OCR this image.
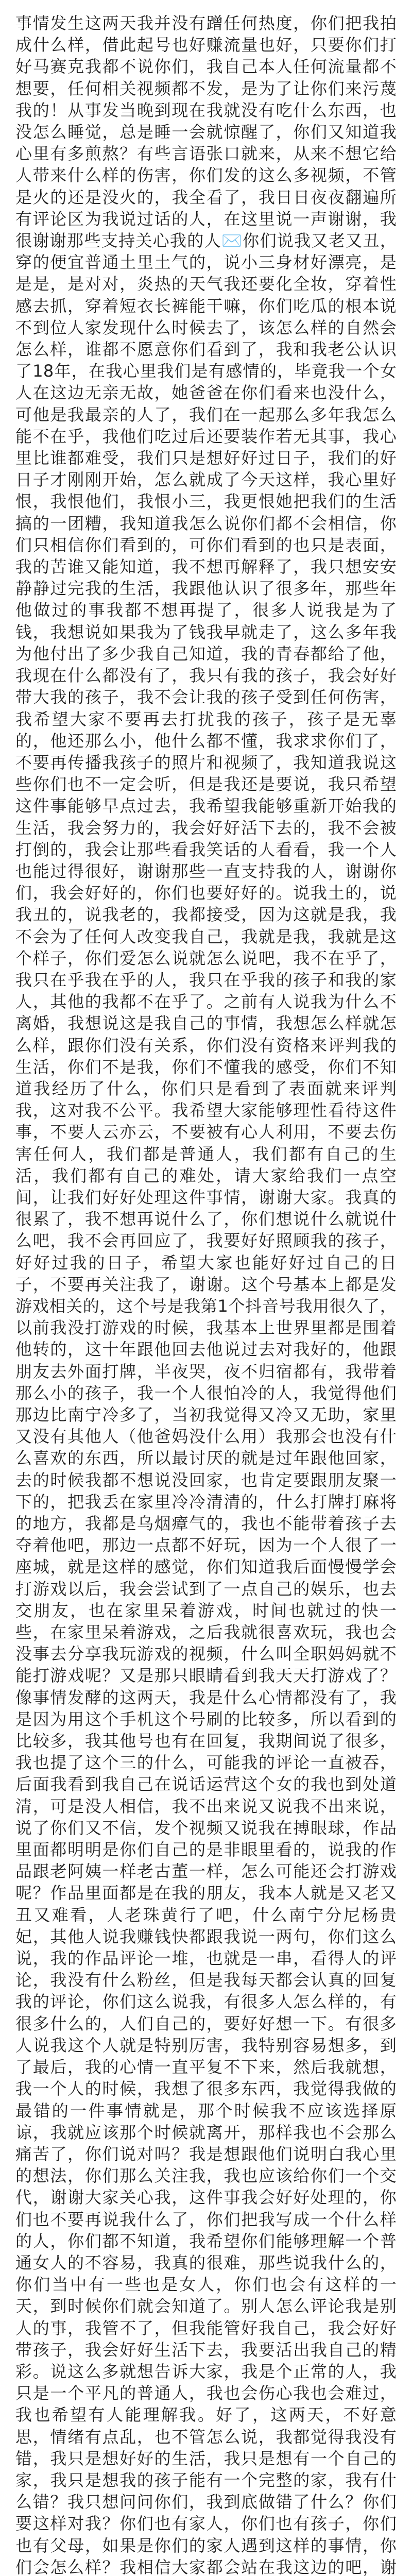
事情发生这两天我并没有蹭任何热度，你们把我拍成什么样，借此起号也好赚流量也好，只要你们打好马赛克我都不说你们，我自己本人任何流量都不想要，任何相关视频都不发，是为了让你们来污蔑我的！从事发当晚到现在我就没有吃什么东西，也没怎么睡觉，总是睡一会就惊醒了，你们又知道我心里有多煎熬？有些言语张口就来，从来不想它给人带来什么样的伤害，你们发的这么多视频，不管是火的还是没火的，我全看了，我日日夜夜翻遍所有评论区为我说过话的人，在这里说一声谢谢，我很谢谢那些支持关心我的人✉️你们说我又老又丑，穿的便宜普通土里土气的，说小三身材好漂亮，是是是，是对对，炎热的天气我还要化全妆，穿着性感去抓，穿着短衣长裤能干嘛，你们吃瓜的根本说不到位人家发现什么时候去了，该怎么样的自然会怎么样，谁都不愿意你们看到了，我和我老公认识了18年，在我心里我们是有感情的，毕竟我一个女人在这边无亲无故，她爸爸在你们看来也没什么，可他是我最亲的人了，我们在一起那么多年我怎么能不在乎，我他们吃过后还要装作若无其事，我心里比谁都难受，我们只是想好好过日子，我们的好日子才刚刚开始，怎么就成了今天这样，我心里好恨，我恨他们，我恨小三，我更恨她把我们的生活搞的一团糟，我知道我怎么说你们都不会相信，你们只相信你们看到的，可你们看到的也只是表面，我的苦谁又能知道，我不想再解释了，我只想安安静静过完我的生活，我跟他认识了很多年，那些年他做过的事我都不想再提了，很多人说我是为了钱，我想说如果我为了钱我早就走了，这么多年我为他付出了多少我自己知道，我的青春都给了他，我现在什么都没有了，我只有我的孩子，我会好好带大我的孩子，我不会让我的孩子受到任何伤害，我希望大家不要再去打扰我的孩子，孩子是无辜的，他还那么小，他什么都不懂，我求求你们了，不要再传播我孩子的照片和视频了，我知道我说这些你们也不一定会听，但是我还是要说，我只希望这件事能够早点过去，我希望我能够重新开始我的生活，我会努力的，我会好好活下去的，我不会被打倒的，我会让那些看我笑话的人看看，我一个人也能过得很好，谢谢那些一直支持我的人，谢谢你们，我会好好的，你们也要好好的。说我土的，说我丑的，说我老的，我都接受，因为这就是我，我不会为了任何人改变我自己，我就是我，我就是这个样子，你们爱怎么说就怎么说吧，我不在乎了，我只在乎我在乎的人，我只在乎我的孩子和我的家人，其他的我都不在乎了。之前有人说我为什么不离婚，我想说这是我自己的事情，我想怎么样就怎么样，跟你们没有关系，你们没有资格来评判我的生活，你们不是我，你们不懂我的感受，你们不知道我经历了什么，你们只是看到了表面就来评判我，这对我不公平。我希望大家能够理性看待这件事，不要人云亦云，不要被有心人利用，不要去伤害任何人，我们都是普通人，我们都有自己的生活，我们都有自己的难处，请大家给我们一点空间，让我们好好处理这件事情，谢谢大家。我真的很累了，我不想再说什么了，你们想说什么就说什么吧，我不会再回应了，我要好好照顾我的孩子，好好过我的日子，希望大家也能好好过自己的日子，不要再关注我了，谢谢。这个号基本上都是发游戏相关的，这个号是我第1个抖音号我用很久了，以前我没打游戏的时候，我基本上世界里都是围着他转的，这十年跟他回去他说过去对我好的，他跟朋友去外面打牌，半夜哭，夜不归宿都有，我带着那么小的孩子，我一个人很怕冷的人，我觉得他们那边比南宁冷多了，当初我觉得又冷又无助，家里又没有其他人（他爸妈没什么用）我那会也没有什么喜欢的东西，所以最讨厌的就是过年跟他回家，去的时候我都不想说没回家，也肯定要跟朋友聚一下的，把我丢在家里冷冷清清的，什么打牌打麻将的地方，我都是乌烟瘴气的，我也不能带着孩子去夺着他吧，那边一点都不好玩，因为一个人很了一座城，就是这样的感觉，你们知道我后面慢慢学会打游戏以后，我会尝试到了一点自己的娱乐，也去交朋友，也在家里呆着游戏，时间也就过的快一些，在家里呆着游戏，之后我就很喜欢玩，我也会没事去分享我玩游戏的视频，什么叫全职妈妈就不能打游戏呢？又是那只眼睛看到我天天打游戏了？像事情发酵的这两天，我是什么心情都没有了，我是因为用这个手机这个号刷的比较多，所以看到的比较多，我其他号也有在回复，我期间说了很多，我也提了这个三的什么，可能我的评论一直被吞，后面我看到我自己在说话运营这个女的我也到处道清，可是没人相信，我不出来说又说我不出来说，说了你们又不信，发个视频又说我在搏眼球，作品里面都明明是你们自己的是非眼里看的，说我的作品跟老阿姨一样老古董一样，怎么可能还会打游戏呢？作品里面都是在我的朋友，我本人就是又老又丑又难看，人老珠黄行了吧，什么南宁分尼杨贵妃，其他人说我赚钱快都跟我说一两句，你们这么说，我的作品评论一堆，也就是一串，看得人的评论，我没有什么粉丝，但是我每天都会认真的回复我的评论，你们这么说我，有很多人怎么样的，有很多什么的，人们自己的，要好好想一下。有很多人说我这个人就是特别厉害，我特别容易想多，到了最后，我的心情一直平复不下来，然后我就想，我一个人的时候，我想了很多东西，我觉得我做的最错的一件事情就是，那个时候我不应该选择原谅，我就应该那个时候就离开，那样我也不会那么痛苦了，你们说对吗？我是想跟他们说明白我心里的想法，你们那么关注我，我也应该给你们一个交代，谢谢大家关心我，这件事我会好好处理的，你们也不要再说我什么了，你们把我写成一个什么样的人，你们都不知道，我希望你们能够理解一个普通女人的不容易，我真的很难，那些说我什么的，你们当中有一些也是女人，你们也会有这样的一天，到时候你们就会知道了。别人怎么评论我是别人的事，我管不了，但我能管好我自己，我会好好带孩子，我会好好生活下去，我要活出我自己的精彩。说这么多就想告诉大家，我是个正常的人，我只是一个平凡的普通人，我也会伤心我也会难过，我也希望有人能理解我。好了，这两天，不好意思，情绪有点乱，也不管怎么说，我都觉得我没有错，我只是想好好的生活，我只是想有一个自己的家，我只是想我的孩子能有一个完整的家，我有什么错？我只想问问你们，我到底做错了什么？你们要这样对我？你们也有家人，你们也有孩子，你们也有父母，如果是你们的家人遇到这样的事情，你们会怎么样？我相信大家都会站在我这边的吧，谢
